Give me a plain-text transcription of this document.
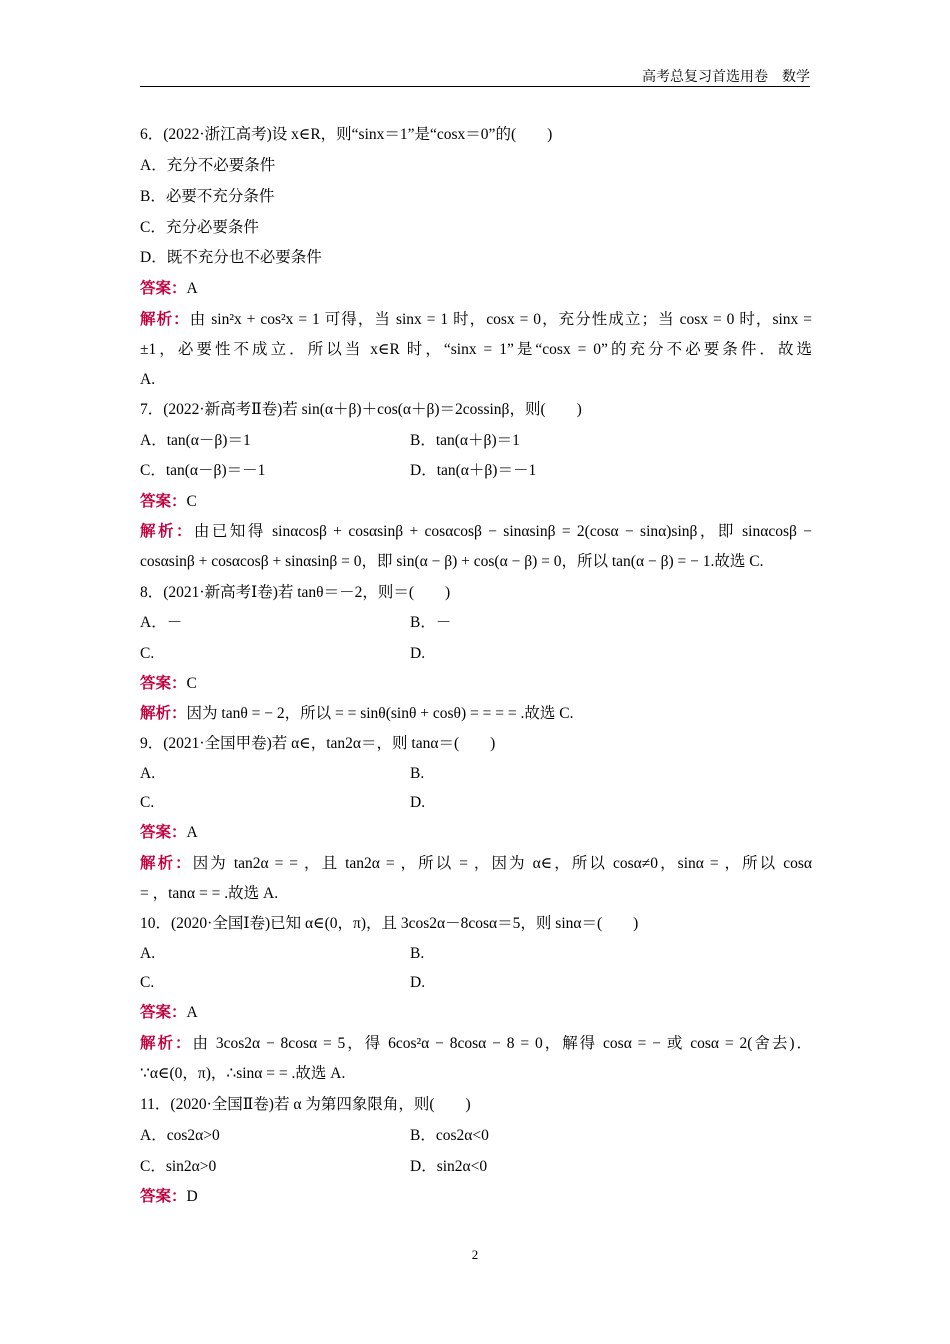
高考总复习首选用卷　数学
6．(2022·浙江高考)设 x∈R，则“sinx＝1”是“cosx＝0”的(　　)
A．充分不必要条件
B．必要不充分条件
C．充分必要条件
D．既不充分也不必要条件
答案：A
解析：由 sin²x + cos²x = 1 可得，当 sinx = 1 时，cosx = 0，充分性成立；当 cosx = 0 时，sinx =
±1，必要性不成立．所以当 x∈R 时，“sinx = 1”是“cosx = 0”的充分不必要条件．故选
A.
7．(2022·新高考Ⅱ卷)若 sin(α＋β)＋cos(α＋β)＝2cossinβ，则(　　)
A．tan(α－β)＝1	B．tan(α＋β)＝1
C．tan(α－β)＝－1	D．tan(α＋β)＝－1
答案：C
解析：由已知得 sinαcosβ + cosαsinβ + cosαcosβ − sinαsinβ = 2(cosα − sinα)sinβ，即 sinαcosβ −
cosαsinβ + cosαcosβ + sinαsinβ = 0，即 sin(α − β) + cos(α − β) = 0，所以 tan(α − β) = − 1.故选 C.
8．(2021·新高考Ⅰ卷)若 tanθ＝－2，则＝(　　)
A．－	B．－
C.	D.
答案：C
解析：因为 tanθ = − 2，所以 = = sinθ(sinθ + cosθ) = = = = .故选 C.
9．(2021·全国甲卷)若 α∈，tan2α＝，则 tanα＝(　　)
A.	B.
C.	D.
答案：A
解析：因为 tan2α = = ，且 tan2α = ，所以 = ，因为 α∈，所以 cosα≠0，sinα = ，所以 cosα
= ，tanα = = .故选 A.
10．(2020·全国Ⅰ卷)已知 α∈(0，π)，且 3cos2α－8cosα＝5，则 sinα＝(　　)
A.	B.
C.	D.
答案：A
解析：由 3cos2α − 8cosα = 5，得 6cos²α − 8cosα − 8 = 0，解得 cosα = − 或 cosα = 2(舍去)．
∵α∈(0，π)，∴sinα = = .故选 A.
11．(2020·全国Ⅱ卷)若 α 为第四象限角，则(　　)
A．cos2α>0	B．cos2α<0
C．sin2α>0	D．sin2α<0
答案：D
2
